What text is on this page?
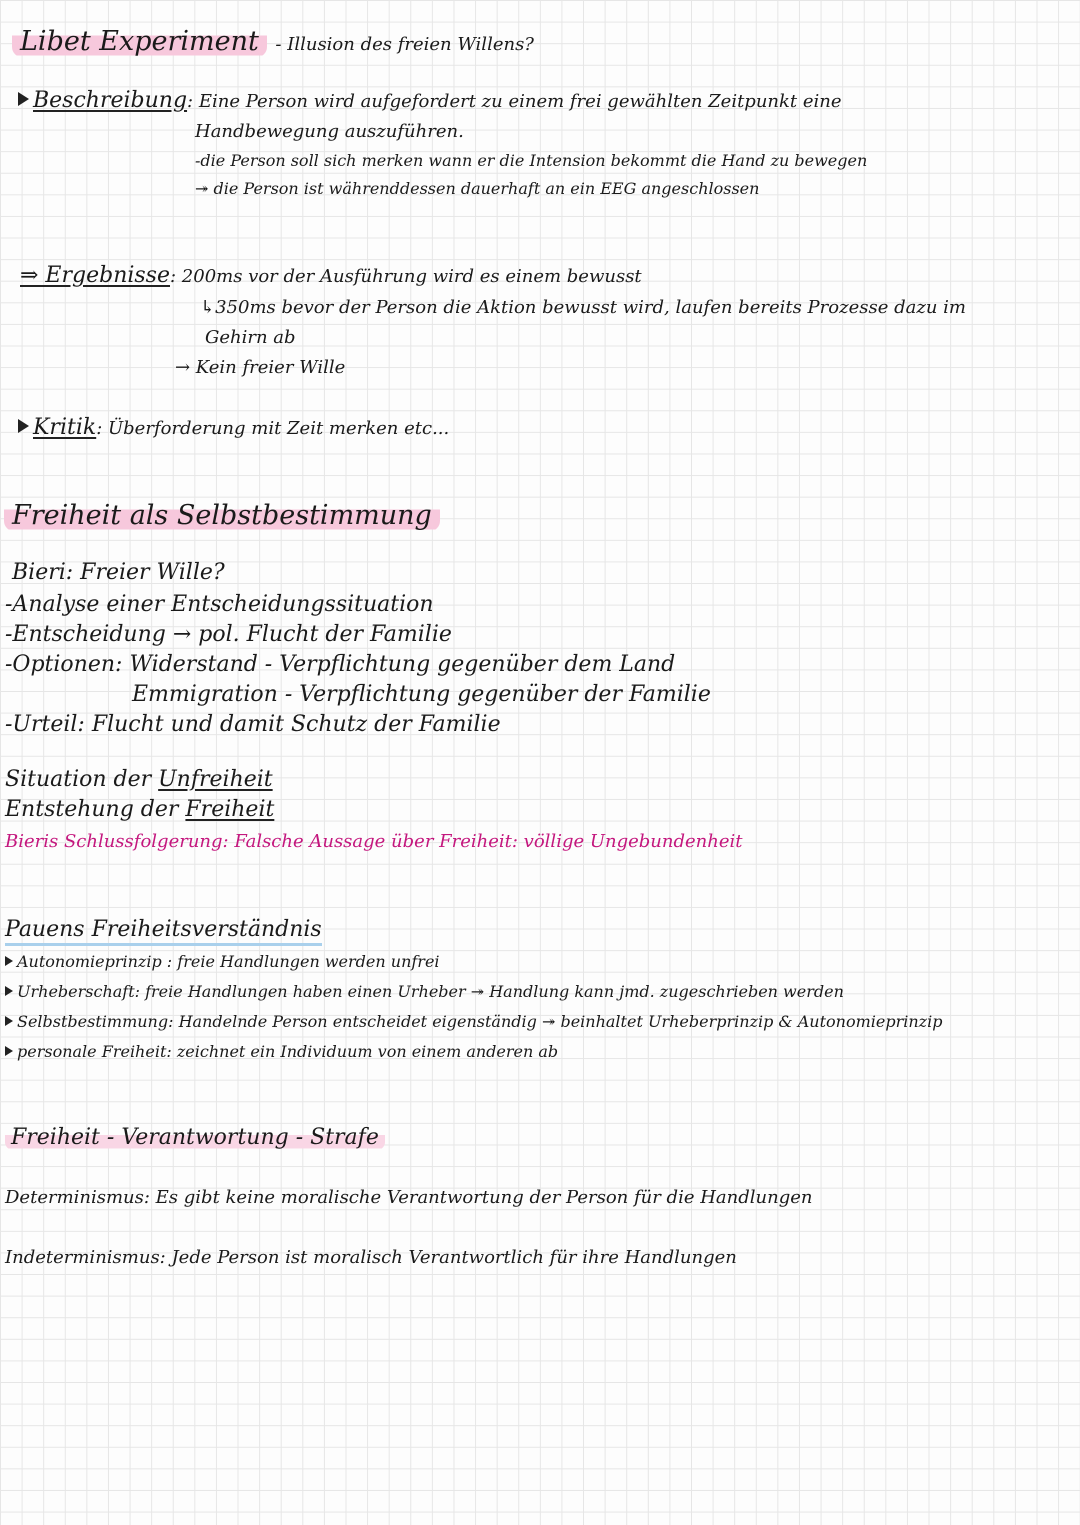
Libet Experiment - Illusion des freien Willens?
Beschreibung: Eine Person wird aufgefordert zu einem frei gewählten Zeitpunkt eine
Handbewegung auszuführen.
-die Person soll sich merken wann er die Intension bekommt die Hand zu bewegen
↠ die Person ist währenddessen dauerhaft an ein EEG angeschlossen
⇒ Ergebnisse: 200ms vor der Ausführung wird es einem bewusst
↳350ms bevor der Person die Aktion bewusst wird, laufen bereits Prozesse dazu im
Gehirn ab
→ Kein freier Wille
Kritik: Überforderung mit Zeit merken etc...
Freiheit als Selbstbestimmung
Bieri: Freier Wille?
-Analyse einer Entscheidungssituation
-Entscheidung → pol. Flucht der Familie
-Optionen: Widerstand - Verpflichtung gegenüber dem Land
Emmigration - Verpflichtung gegenüber der Familie
-Urteil: Flucht und damit Schutz der Familie
Situation der Unfreiheit
Entstehung der Freiheit
Bieris Schlussfolgerung: Falsche Aussage über Freiheit: völlige Ungebundenheit
Pauens Freiheitsverständnis
Autonomieprinzip : freie Handlungen werden unfrei
Urheberschaft: freie Handlungen haben einen Urheber ↠ Handlung kann jmd. zugeschrieben werden
Selbstbestimmung: Handelnde Person entscheidet eigenständig ↠ beinhaltet Urheberprinzip & Autonomieprinzip
personale Freiheit: zeichnet ein Individuum von einem anderen ab
Freiheit - Verantwortung - Strafe
Determinismus: Es gibt keine moralische Verantwortung der Person für die Handlungen
Indeterminismus: Jede Person ist moralisch Verantwortlich für ihre Handlungen
